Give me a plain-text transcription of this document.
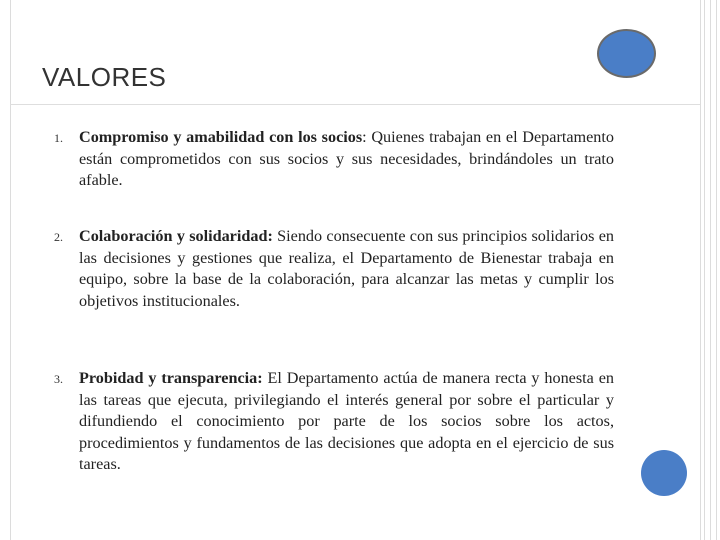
VALORES
1. Compromiso y amabilidad con los socios: Quienes trabajan en el Departamento están comprometidos con sus socios y sus necesidades, brindándoles un trato afable.
2. Colaboración y solidaridad: Siendo consecuente con sus principios solidarios en las decisiones y gestiones que realiza, el Departamento de Bienestar trabaja en equipo, sobre la base de la colaboración, para alcanzar las metas y cumplir los objetivos institucionales.
3. Probidad y transparencia: El Departamento actúa de manera recta y honesta en las tareas que ejecuta, privilegiando el interés general por sobre el particular y difundiendo el conocimiento por parte de los socios sobre los actos, procedimientos y fundamentos de las decisiones que adopta en el ejercicio de sus tareas.
